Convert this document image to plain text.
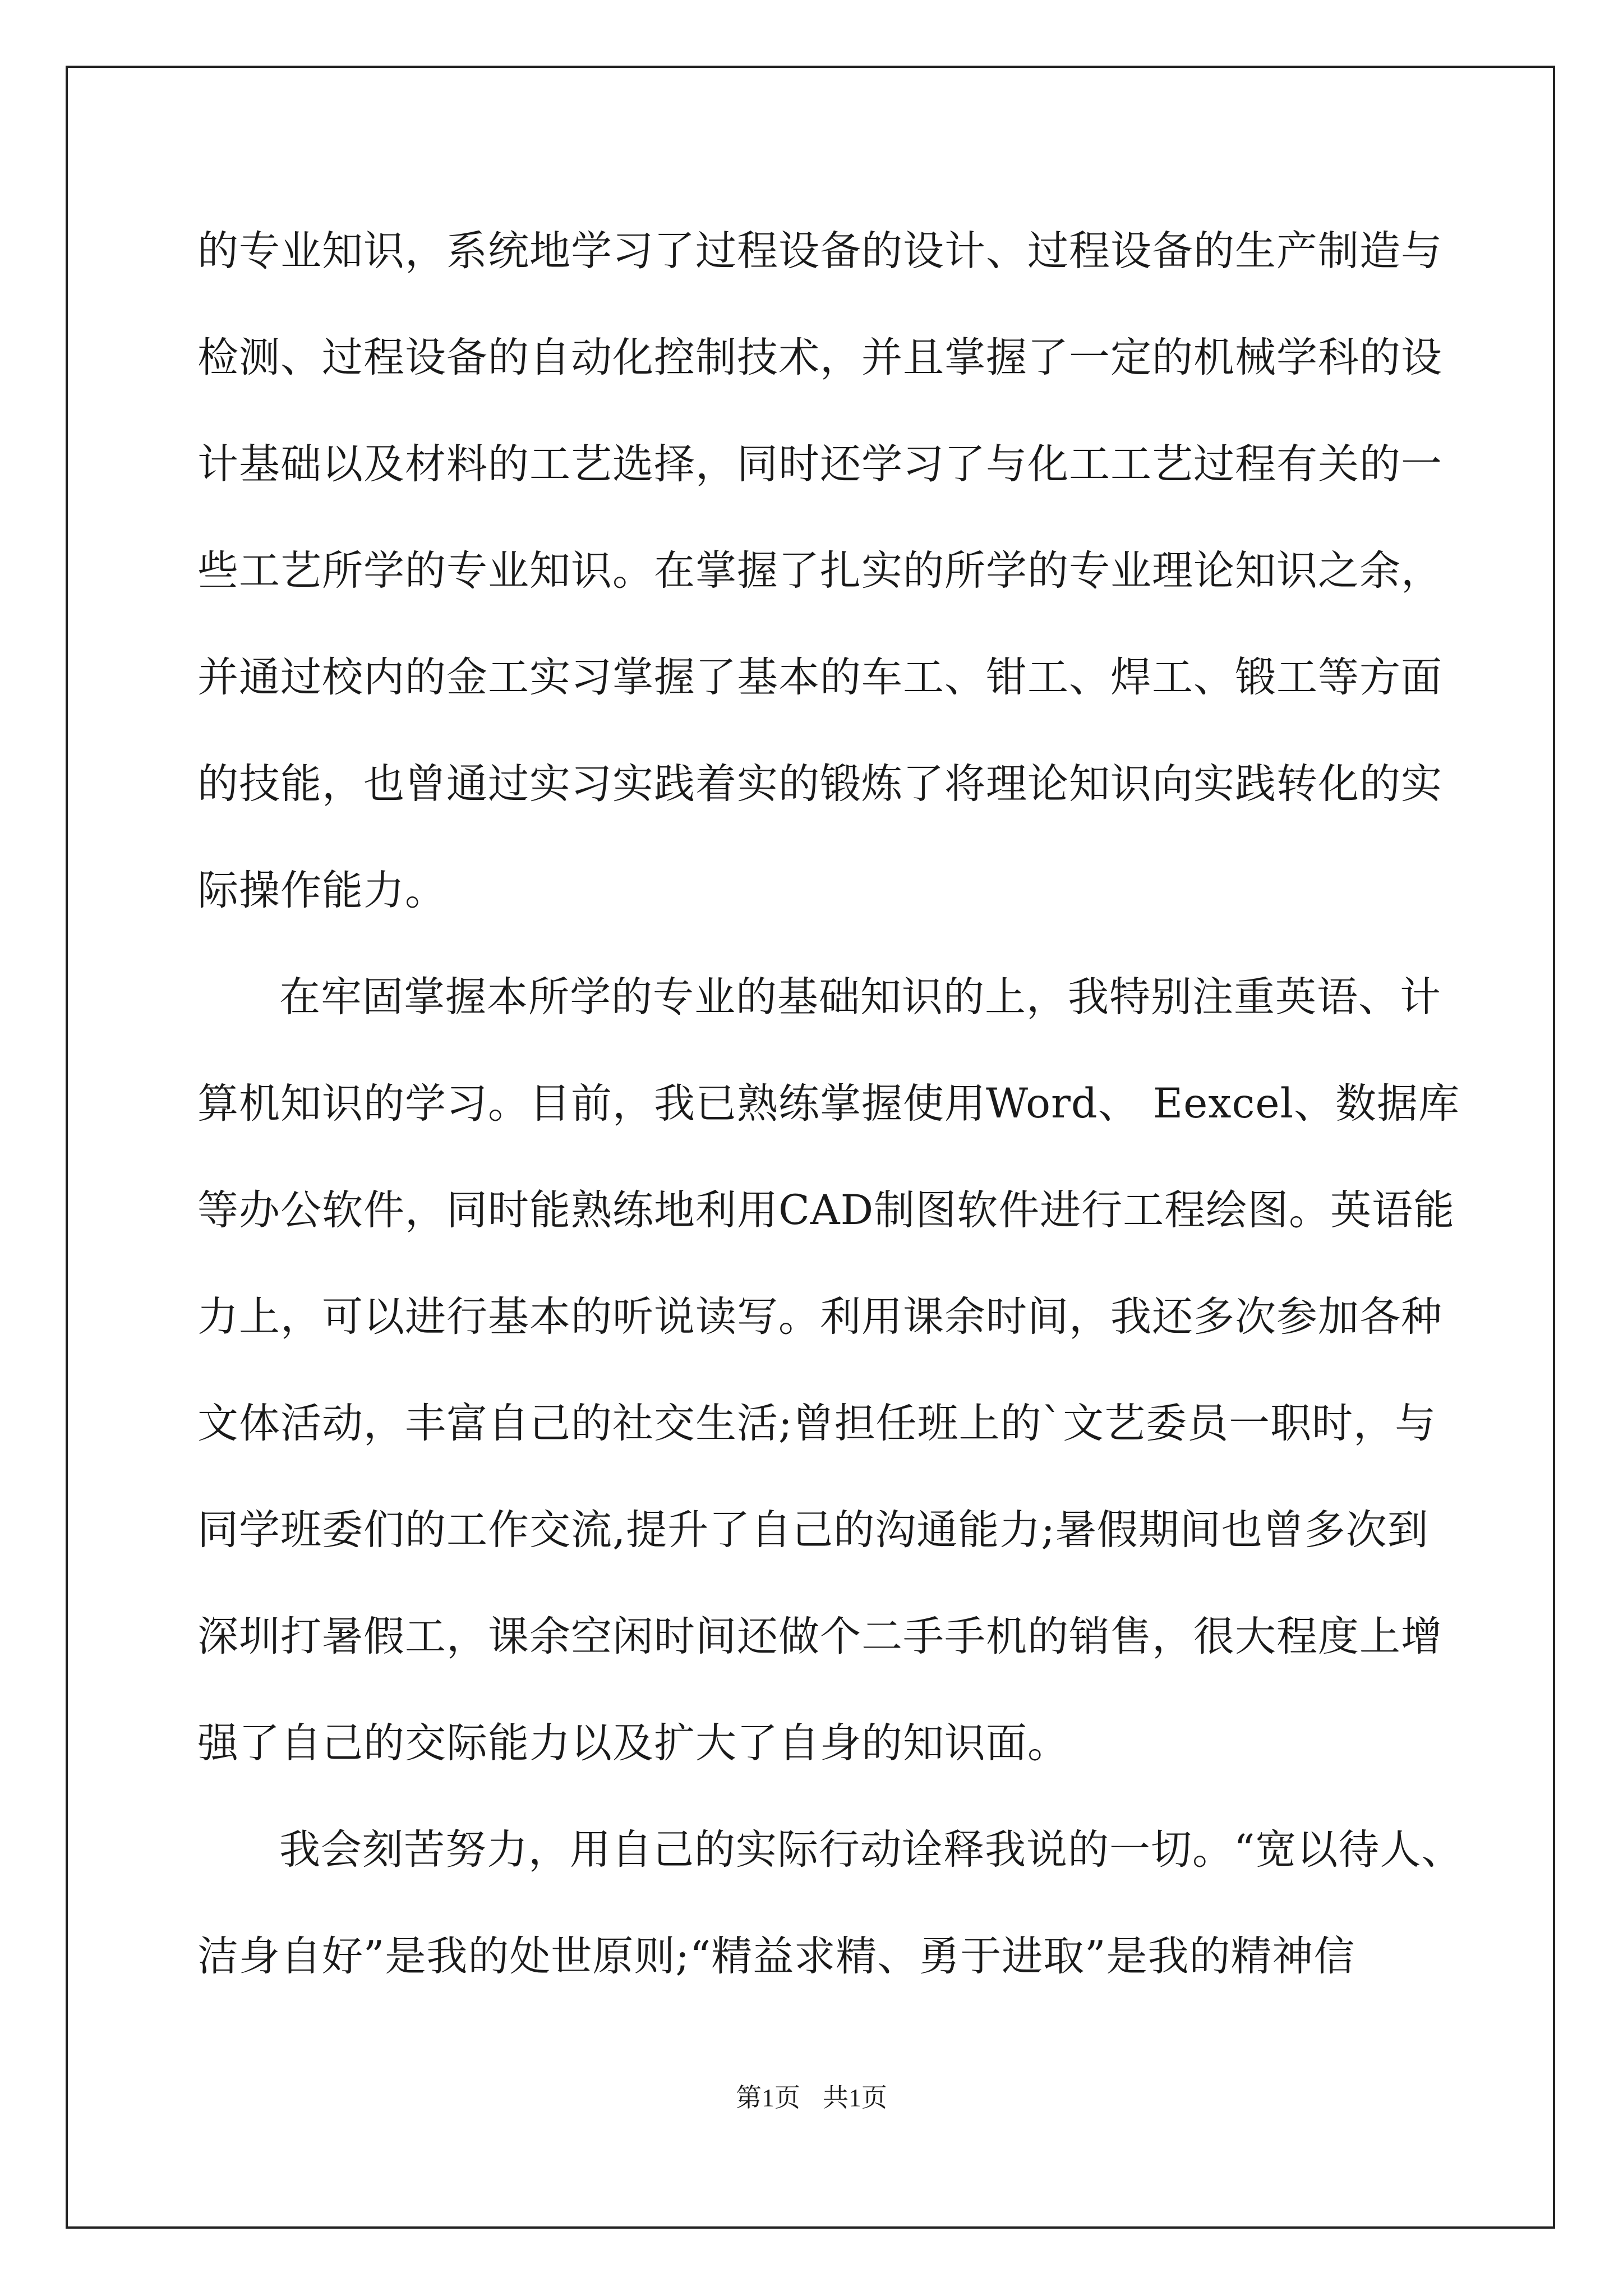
的专业知识，系统地学习了过程设备的设计、过程设备的生产制造与
检测、过程设备的自动化控制技术，并且掌握了一定的机械学科的设
计基础以及材料的工艺选择，同时还学习了与化工工艺过程有关的一
些工艺所学的专业知识。在掌握了扎实的所学的专业理论知识之余，
并通过校内的金工实习掌握了基本的车工、钳工、焊工、锻工等方面
的技能，也曾通过实习实践着实的锻炼了将理论知识向实践转化的实
际操作能力。
在牢固掌握本所学的专业的基础知识的上，我特别注重英语、计
算机知识的学习。目前，我已熟练掌握使用Word、 Eexcel、数据库
等办公软件，同时能熟练地利用CAD制图软件进行工程绘图。英语能
力上，可以进行基本的听说读写。利用课余时间，我还多次参加各种
文体活动，丰富自己的社交生活;曾担任班上的`文艺委员一职时，与
同学班委们的工作交流,提升了自己的沟通能力;暑假期间也曾多次到
深圳打暑假工，课余空闲时间还做个二手手机的销售，很大程度上增
强了自己的交际能力以及扩大了自身的知识面。
我会刻苦努力，用自己的实际行动诠释我说的一切。“宽以待人、
洁身自好”是我的处世原则;“精益求精、勇于进取”是我的精神信
第1页 共1页
